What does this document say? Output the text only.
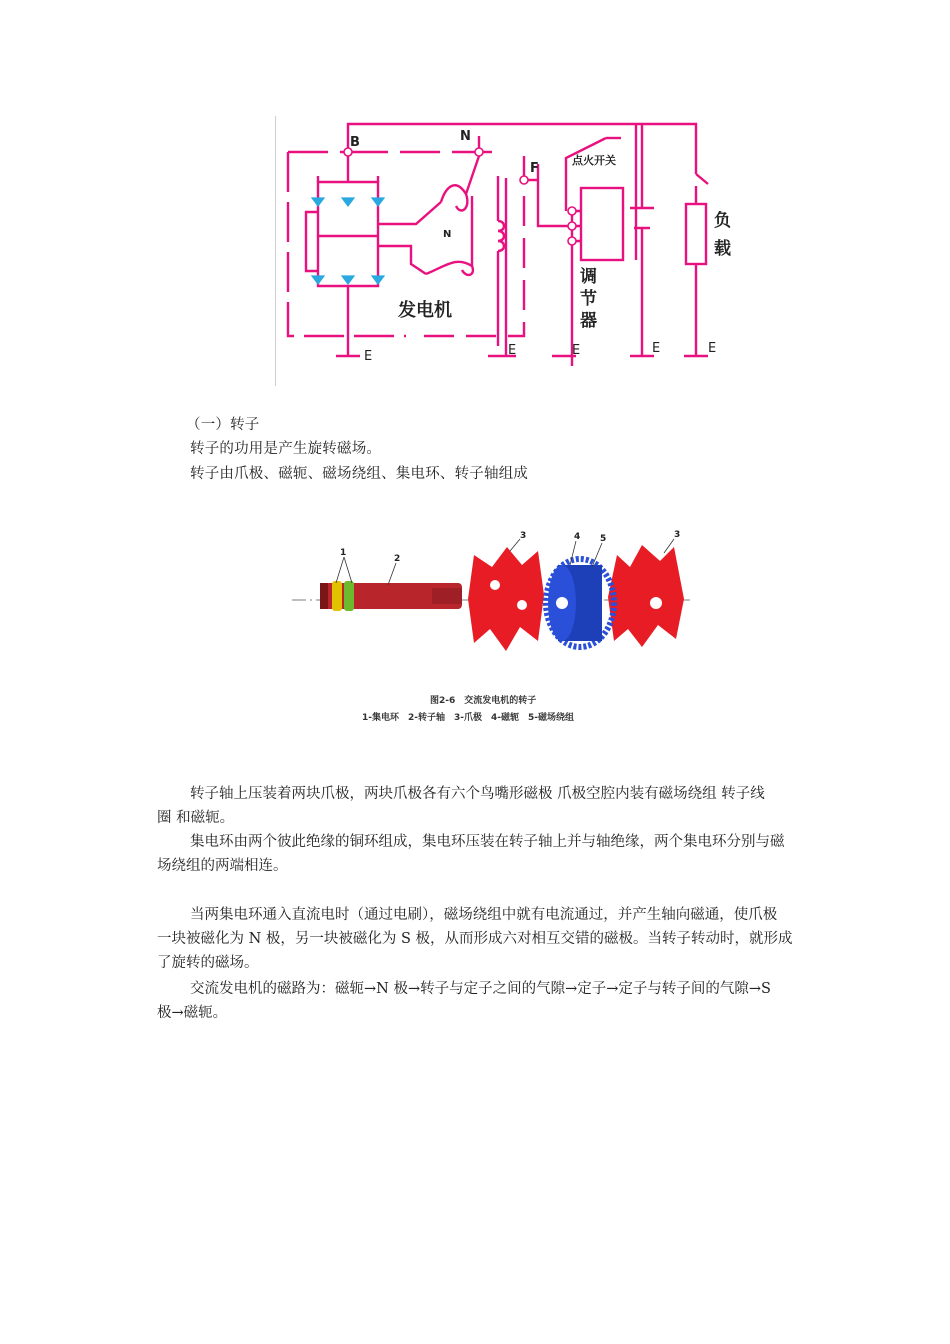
B	N
F
N
发电机
点火开关
调
节
器
负
载
E	E	E	E	E
（一）转子
转子的功用是产生旋转磁场。
转子由爪极、磁轭、磁场绕组、集电环、转子轴组成
1
2
3	4 5	3
图2-6　交流发电机的转子
1-集电环　2-转子轴　3-爪极　4-磁轭　5-磁场绕组
转子轴上压装着两块爪极，两块爪极各有六个鸟嘴形磁极 爪极空腔内装有磁场绕组 转子线
圈 和磁轭。
集电环由两个彼此绝缘的铜环组成，集电环压装在转子轴上并与轴绝缘，两个集电环分别与磁
场绕组的两端相连。
当两集电环通入直流电时（通过电刷），磁场绕组中就有电流通过，并产生轴向磁通，使爪极
一块被磁化为 N 极，另一块被磁化为 S 极，从而形成六对相互交错的磁极。当转子转动时，就形成
了旋转的磁场。
交流发电机的磁路为：磁轭→N 极→转子与定子之间的气隙→定子→定子与转子间的气隙→S
极→磁轭。
